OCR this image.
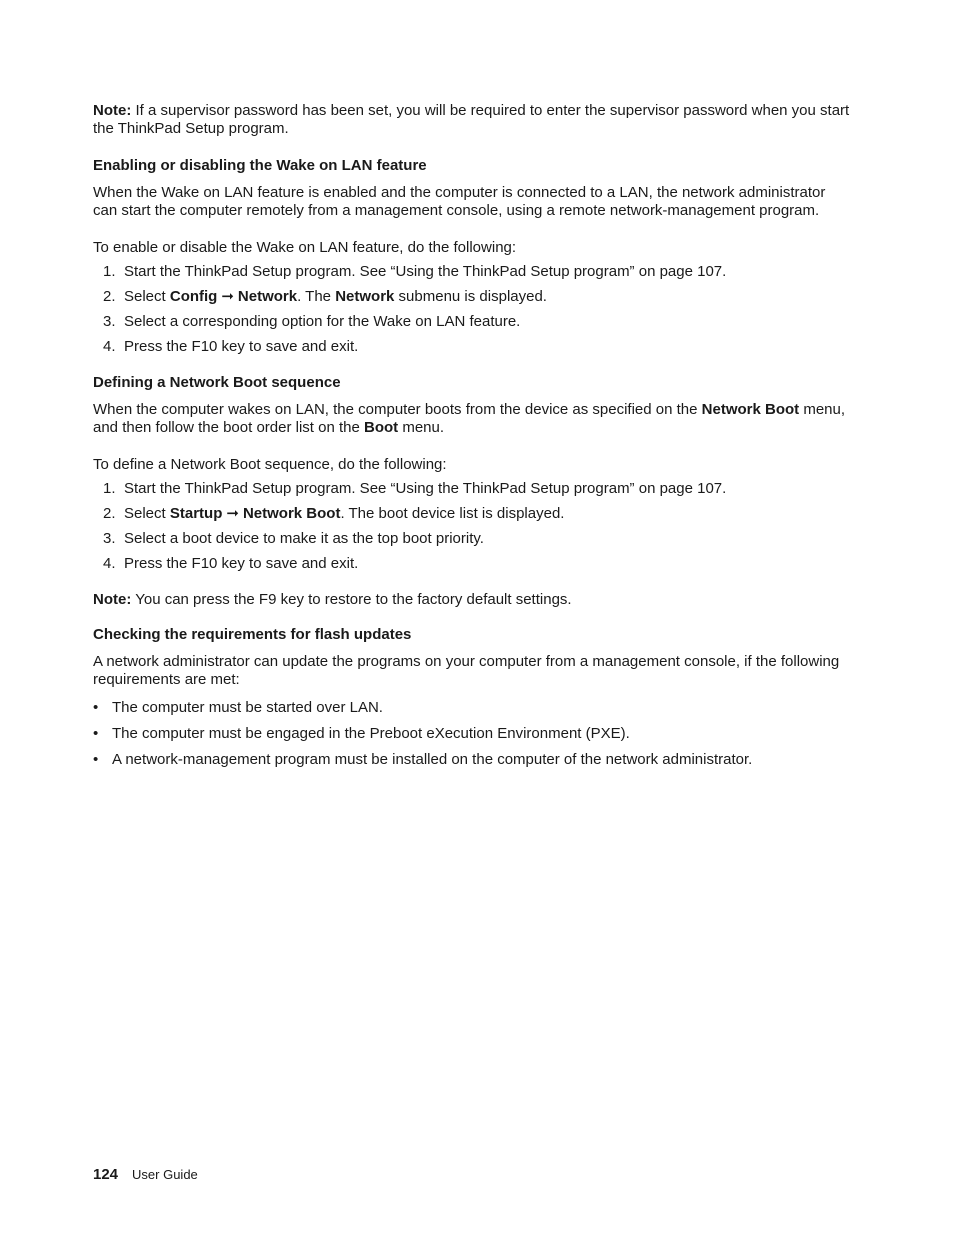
Note: If a supervisor password has been set, you will be required to enter the supervisor password when you start the ThinkPad Setup program.

Enabling or disabling the Wake on LAN feature

When the Wake on LAN feature is enabled and the computer is connected to a LAN, the network administrator can start the computer remotely from a management console, using a remote network-management program.

To enable or disable the Wake on LAN feature, do the following:

1. Start the ThinkPad Setup program. See “Using the ThinkPad Setup program” on page 107.
2. Select Config ➞ Network. The Network submenu is displayed.
3. Select a corresponding option for the Wake on LAN feature.
4. Press the F10 key to save and exit.

Defining a Network Boot sequence

When the computer wakes on LAN, the computer boots from the device as specified on the Network Boot menu, and then follow the boot order list on the Boot menu.

To define a Network Boot sequence, do the following:

1. Start the ThinkPad Setup program. See “Using the ThinkPad Setup program” on page 107.
2. Select Startup ➞ Network Boot. The boot device list is displayed.
3. Select a boot device to make it as the top boot priority.
4. Press the F10 key to save and exit.

Note: You can press the F9 key to restore to the factory default settings.

Checking the requirements for flash updates

A network administrator can update the programs on your computer from a management console, if the following requirements are met:

• The computer must be started over LAN.
• The computer must be engaged in the Preboot eXecution Environment (PXE).
• A network-management program must be installed on the computer of the network administrator.
124 User Guide
